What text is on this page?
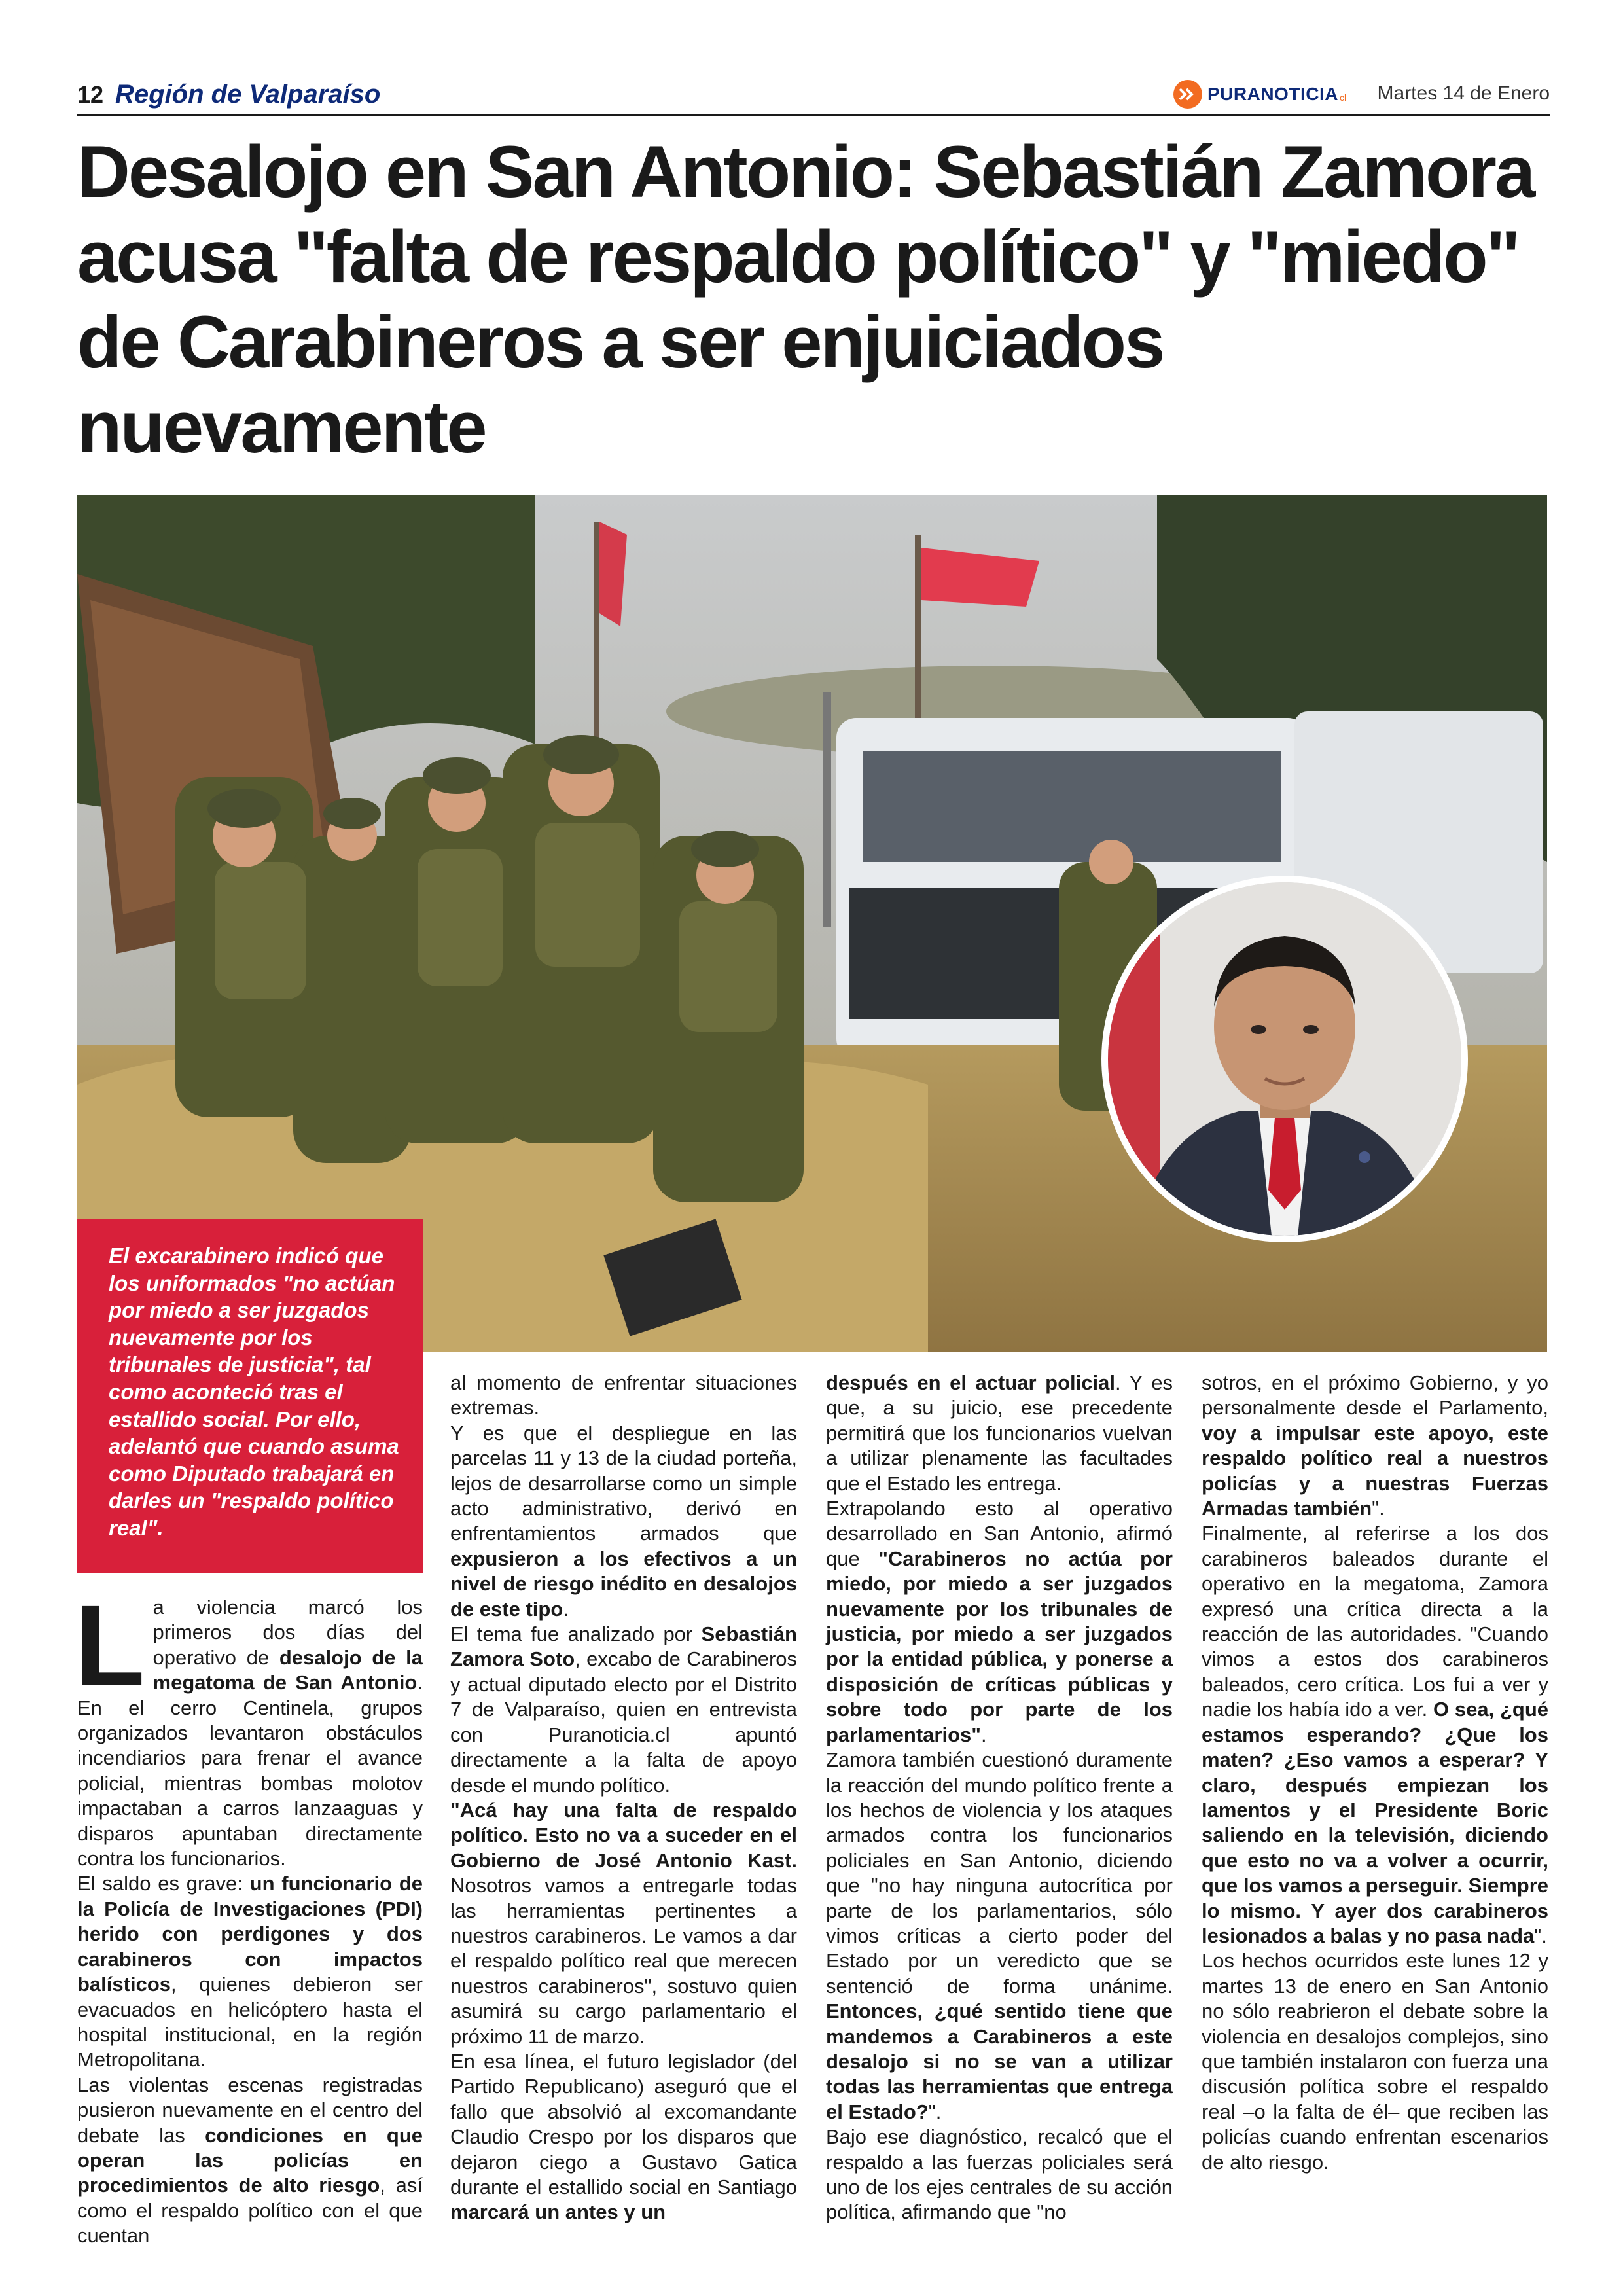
12 Región de Valparaíso	PURANOTICIA cl Martes 14 de Enero
Desalojo en San Antonio: Sebastián Zamora acusa "falta de respaldo político" y "miedo" de Carabineros a ser enjuiciados nuevamente
El excarabinero indicó que los uniformados "no actúan por miedo a ser juzgados nuevamente por los tribunales de justicia", tal como aconteció tras el estallido social. Por ello, adelantó que cuando asuma como Diputado trabajará en darles un "respaldo político real".

La violencia marcó los primeros dos días del operativo de desalojo de la megatoma de San Antonio. En el cerro Centinela, grupos organizados levantaron obstáculos incendiarios para frenar el avance policial, mientras bombas molotov impactaban a carros lanzaaguas y disparos apuntaban directamente contra los funcionarios.

El saldo es grave: un funcionario de la Policía de Investigaciones (PDI) herido con perdigones y dos carabineros con impactos balísticos, quienes debieron ser evacuados en helicóptero hasta el hospital institucional, en la región Metropolitana.

Las violentas escenas registradas pusieron nuevamente en el centro del debate las condiciones en que operan las policías en procedimientos de alto riesgo, así como el respaldo político con el que cuentan

al momento de enfrentar situaciones extremas.

Y es que el despliegue en las parcelas 11 y 13 de la ciudad porteña, lejos de desarrollarse como un simple acto administrativo, derivó en enfrentamientos armados que expusieron a los efectivos a un nivel de riesgo inédito en desalojos de este tipo.

El tema fue analizado por Sebastián Zamora Soto, excabo de Carabineros y actual diputado electo por el Distrito 7 de Valparaíso, quien en entrevista con Puranoticia.cl apuntó directamente a la falta de apoyo desde el mundo político.

"Acá hay una falta de respaldo político. Esto no va a suceder en el Gobierno de José Antonio Kast. Nosotros vamos a entregarle todas las herramientas pertinentes a nuestros carabineros. Le vamos a dar el respaldo político real que merecen nuestros carabineros", sostuvo quien asumirá su cargo parlamentario el próximo 11 de marzo.

En esa línea, el futuro legislador (del Partido Republicano) aseguró que el fallo que absolvió al excomandante Claudio Crespo por los disparos que dejaron ciego a Gustavo Gatica durante el estallido social en Santiago marcará un antes y un

después en el actuar policial. Y es que, a su juicio, ese precedente permitirá que los funcionarios vuelvan a utilizar plenamente las facultades que el Estado les entrega.

Extrapolando esto al operativo desarrollado en San Antonio, afirmó que "Carabineros no actúa por miedo, por miedo a ser juzgados nuevamente por los tribunales de justicia, por miedo a ser juzgados por la entidad pública, y ponerse a disposición de críticas públicas y sobre todo por parte de los parlamentarios".

Zamora también cuestionó duramente la reacción del mundo político frente a los hechos de violencia y los ataques armados contra los funcionarios policiales en San Antonio, diciendo que "no hay ninguna autocrítica por parte de los parlamentarios, sólo vimos críticas a cierto poder del Estado por un veredicto que se sentenció de forma unánime. Entonces, ¿qué sentido tiene que mandemos a Carabineros a este desalojo si no se van a utilizar todas las herramientas que entrega el Estado?".

Bajo ese diagnóstico, recalcó que el respaldo a las fuerzas policiales será uno de los ejes centrales de su acción política, afirmando que "no

sotros, en el próximo Gobierno, y yo personalmente desde el Parlamento, voy a impulsar este apoyo, este respaldo político real a nuestros policías y a nuestras Fuerzas Armadas también".

Finalmente, al referirse a los dos carabineros baleados durante el operativo en la megatoma, Zamora expresó una crítica directa a la reacción de las autoridades. "Cuando vimos a estos dos carabineros baleados, cero crítica. Los fui a ver y nadie los había ido a ver. O sea, ¿qué estamos esperando? ¿Que los maten? ¿Eso vamos a esperar? Y claro, después empiezan los lamentos y el Presidente Boric saliendo en la televisión, diciendo que esto no va a volver a ocurrir, que los vamos a perseguir. Siempre lo mismo. Y ayer dos carabineros lesionados a balas y no pasa nada".

Los hechos ocurridos este lunes 12 y martes 13 de enero en San Antonio no sólo reabrieron el debate sobre la violencia en desalojos complejos, sino que también instalaron con fuerza una discusión política sobre el respaldo real –o la falta de él– que reciben las policías cuando enfrentan escenarios de alto riesgo.
